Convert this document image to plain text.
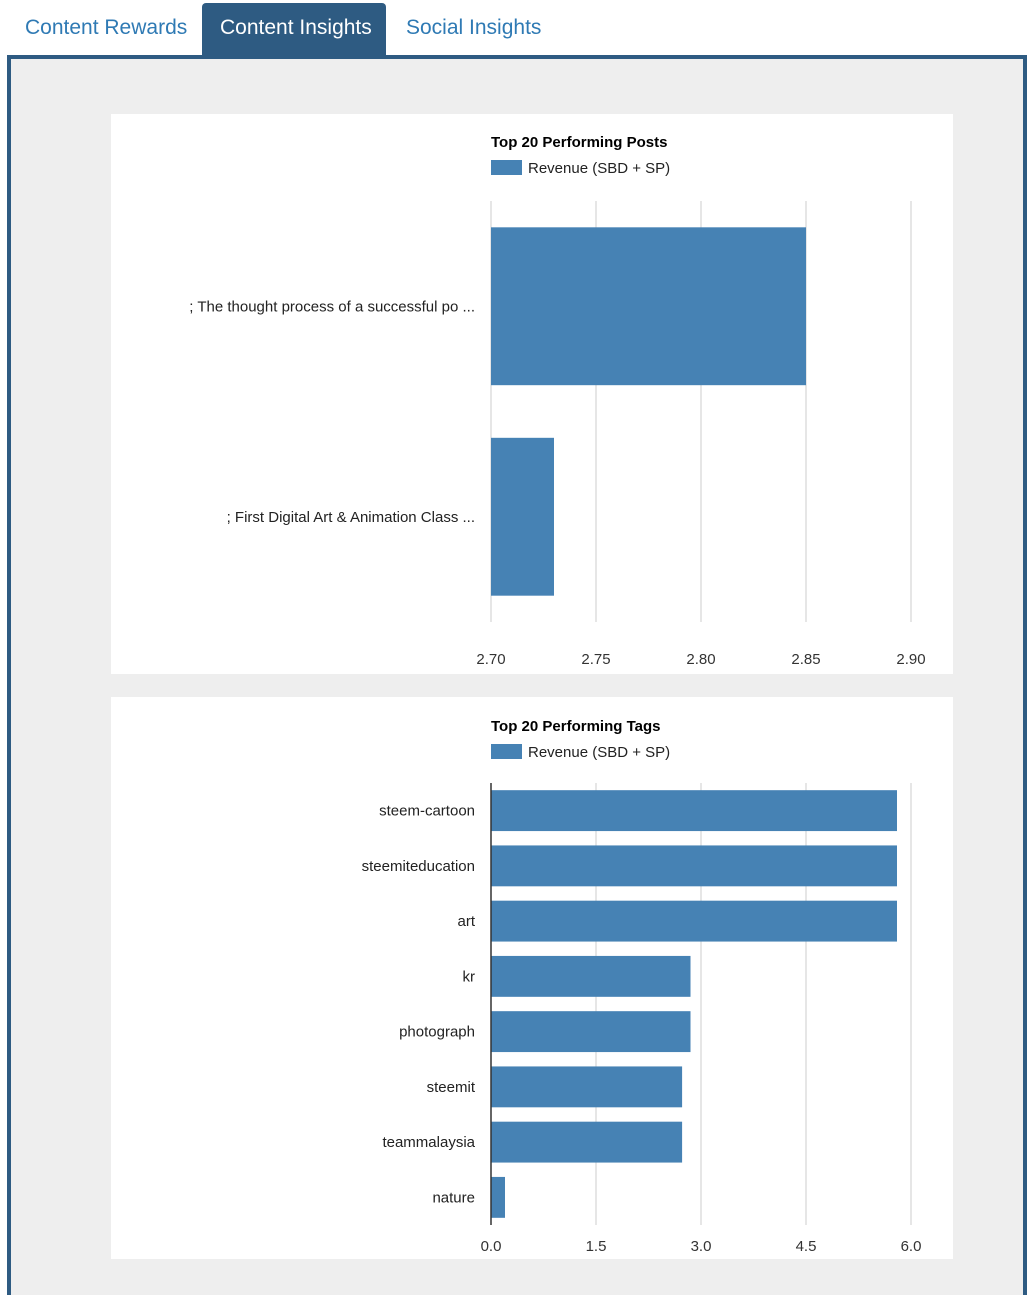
Content Rewards	Content Insights	Social Insights
Top 20 Performing Posts
Revenue (SBD + SP)
2.70	2.75	2.80	2.85	2.90
; The thought process of a successful po ...
; First Digital Art & Animation Class ...
Top 20 Performing Tags
Revenue (SBD + SP)
0.0	1.5	3.0	4.5	6.0
steem-cartoon
steemiteducation
art
kr
photograph
steemit
teammalaysia
nature
